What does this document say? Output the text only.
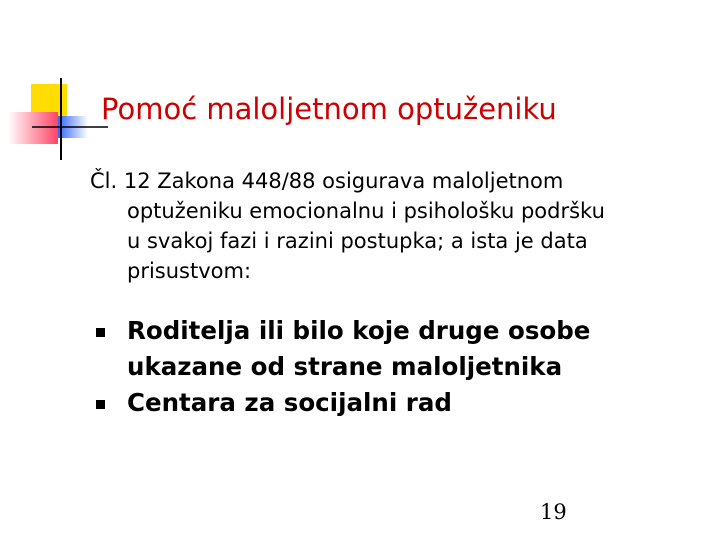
Pomoć maloljetnom optuženiku

Čl. 12 Zakona 448/88 osigurava maloljetnom
optuženiku emocionalnu i psihološku podršku
u svakoj fazi i razini postupka; a ista je data
prisustvom:

Roditelja ili bilo koje druge osobe
ukazane od strane maloljetnika
Centara za socijalni rad

19
